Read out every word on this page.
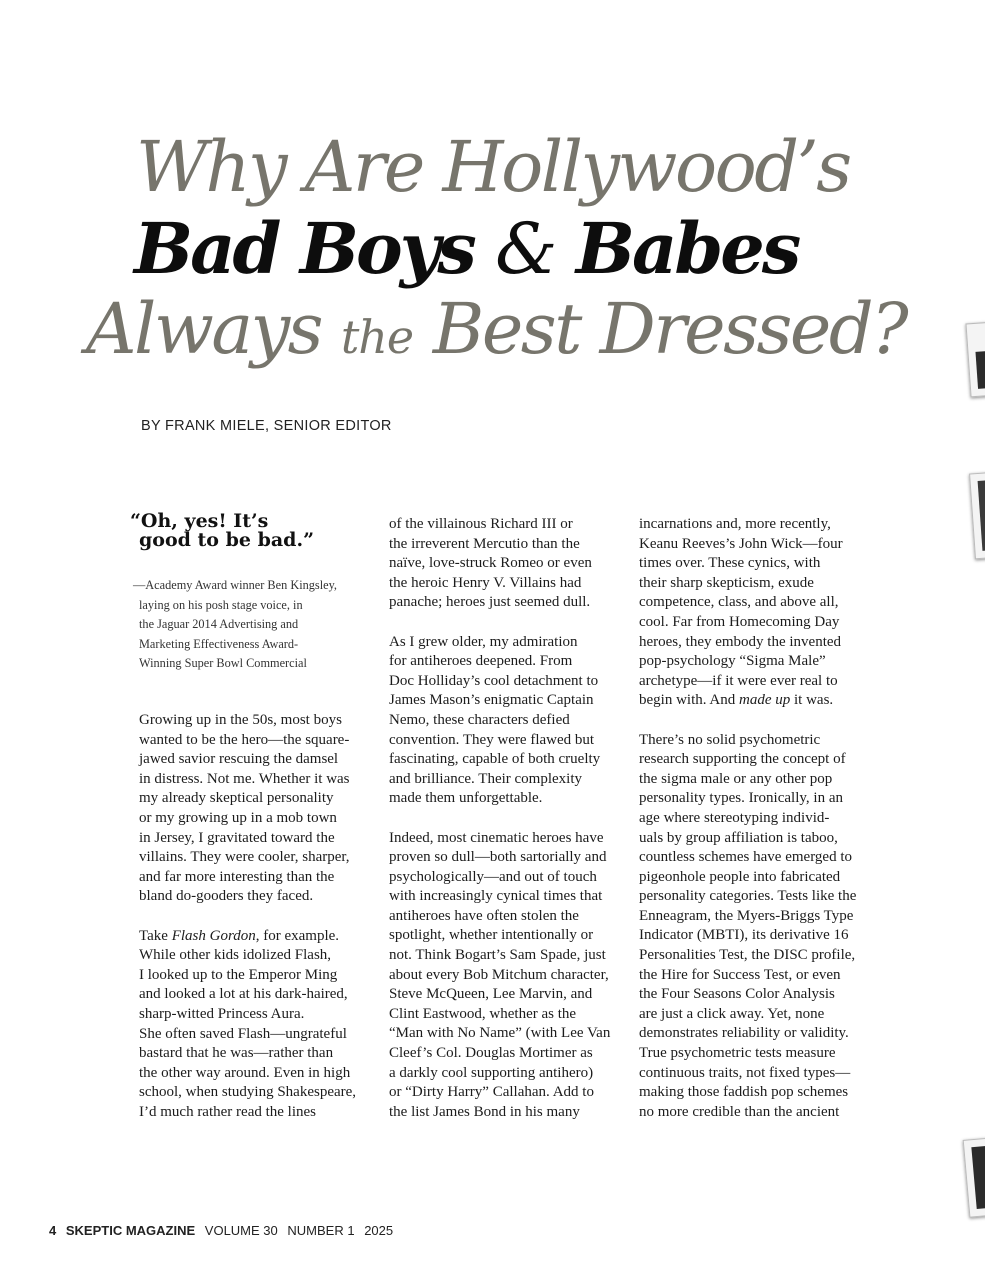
Why Are Hollywood’s
Bad Boys & Babes
Always the Best Dressed?
BY FRANK MIELE, SENIOR EDITOR
“Oh, yes! It’s
good to be bad.”
—Academy Award winner Ben Kingsley,
laying on his posh stage voice, in
the Jaguar 2014 Advertising and
Marketing Effectiveness Award-
Winning Super Bowl Commercial
Growing up in the 50s, most boys
wanted to be the hero—the square-
jawed savior rescuing the damsel
in distress. Not me. Whether it was
my already skeptical personality
or my growing up in a mob town
in Jersey, I gravitated toward the
villains. They were cooler, sharper,
and far more interesting than the
bland do-gooders they faced.
Take Flash Gordon, for example.
While other kids idolized Flash,
I looked up to the Emperor Ming
and looked a lot at his dark-haired,
sharp-witted Princess Aura.
She often saved Flash—ungrateful
bastard that he was—rather than
the other way around. Even in high
school, when studying Shakespeare,
I’d much rather read the lines
of the villainous Richard III or
the irreverent Mercutio than the
naïve, love-struck Romeo or even
the heroic Henry V. Villains had
panache; heroes just seemed dull.
As I grew older, my admiration
for antiheroes deepened. From
Doc Holliday’s cool detachment to
James Mason’s enigmatic Captain
Nemo, these characters defied
convention. They were flawed but
fascinating, capable of both cruelty
and brilliance. Their complexity
made them unforgettable.
Indeed, most cinematic heroes have
proven so dull—both sartorially and
psychologically—and out of touch
with increasingly cynical times that
antiheroes have often stolen the
spotlight, whether intentionally or
not. Think Bogart’s Sam Spade, just
about every Bob Mitchum character,
Steve McQueen, Lee Marvin, and
Clint Eastwood, whether as the
“Man with No Name” (with Lee Van
Cleef’s Col. Douglas Mortimer as
a darkly cool supporting antihero)
or “Dirty Harry” Callahan. Add to
the list James Bond in his many
incarnations and, more recently,
Keanu Reeves’s John Wick—four
times over. These cynics, with
their sharp skepticism, exude
competence, class, and above all,
cool. Far from Homecoming Day
heroes, they embody the invented
pop-psychology “Sigma Male”
archetype—if it were ever real to
begin with. And made up it was.
There’s no solid psychometric
research supporting the concept of
the sigma male or any other pop
personality types. Ironically, in an
age where stereotyping individ-
uals by group affiliation is taboo,
countless schemes have emerged to
pigeonhole people into fabricated
personality categories. Tests like the
Enneagram, the Myers-Briggs Type
Indicator (MBTI), its derivative 16
Personalities Test, the DISC profile,
the Hire for Success Test, or even
the Four Seasons Color Analysis
are just a click away. Yet, none
demonstrates reliability or validity.
True psychometric tests measure
continuous traits, not fixed types—
making those faddish pop schemes
no more credible than the ancient
4 SKEPTIC MAGAZINE VOLUME 30 NUMBER 1 2025
